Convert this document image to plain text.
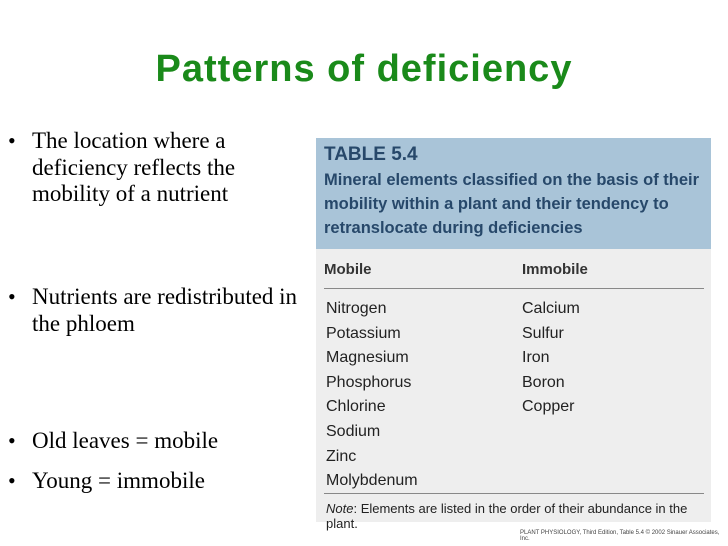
Patterns of deficiency
• The location where a deficiency reflects the mobility of a nutrient
• Nutrients are redistributed in the phloem
• Old leaves = mobile
• Young = immobile
TABLE 5.4
Mineral elements classified on the basis of their mobility within a plant and their tendency to retranslocate during deficiencies
Mobile	Immobile
Nitrogen
Potassium
Magnesium
Phosphorus
Chlorine
Sodium
Zinc
Molybdenum
Calcium
Sulfur
Iron
Boron
Copper
Note: Elements are listed in the order of their abundance in the plant.
PLANT PHYSIOLOGY, Third Edition, Table 5.4 © 2002 Sinauer Associates, Inc.
